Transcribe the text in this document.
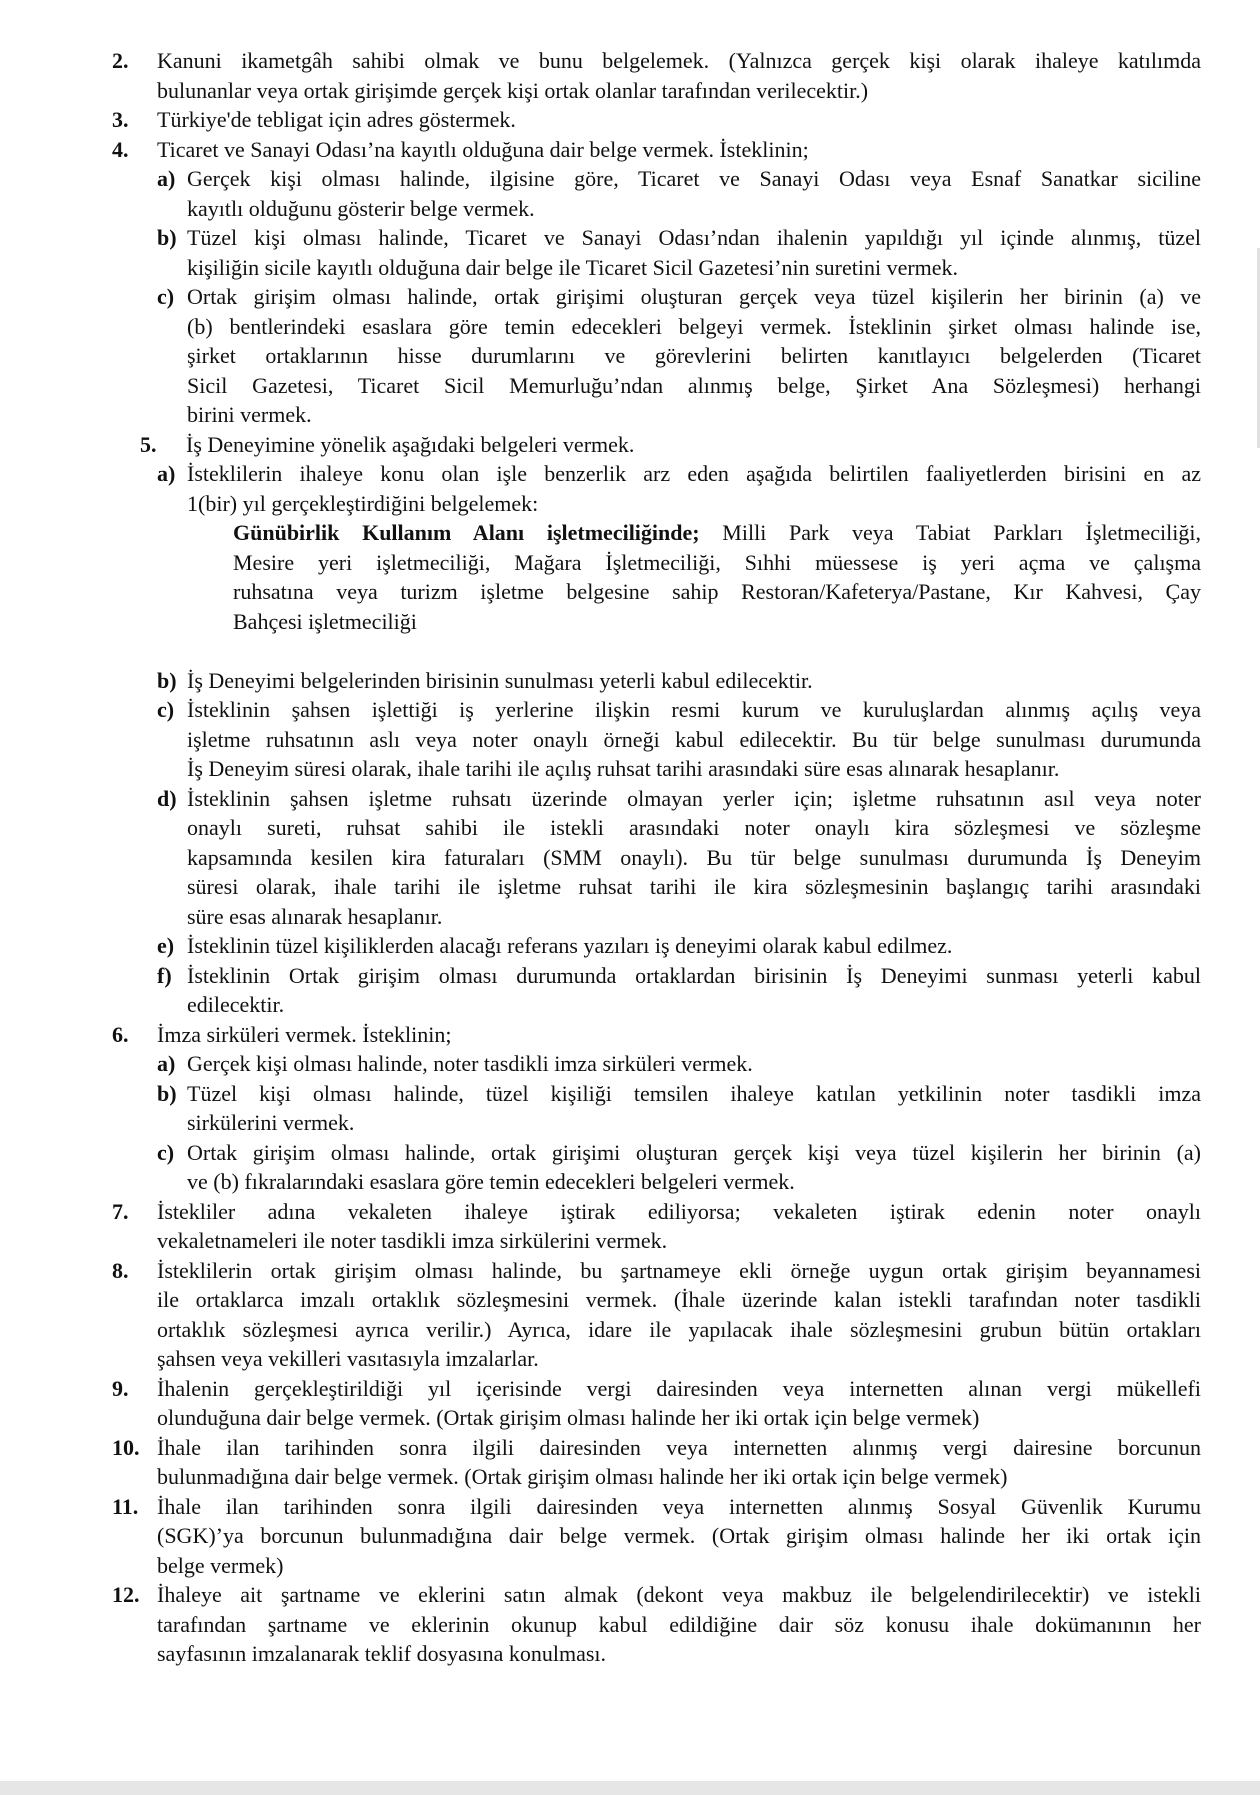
2. Kanuni ikametgâh sahibi olmak ve bunu belgelemek. (Yalnızca gerçek kişi olarak ihaleye katılımda
bulunanlar veya ortak girişimde gerçek kişi ortak olanlar tarafından verilecektir.)
3. Türkiye'de tebligat için adres göstermek.
4. Ticaret ve Sanayi Odası’na kayıtlı olduğuna dair belge vermek. İsteklinin;
a) Gerçek kişi olması halinde, ilgisine göre, Ticaret ve Sanayi Odası veya Esnaf Sanatkar siciline
kayıtlı olduğunu gösterir belge vermek.
b) Tüzel kişi olması halinde, Ticaret ve Sanayi Odası’ndan ihalenin yapıldığı yıl içinde alınmış, tüzel
kişiliğin sicile kayıtlı olduğuna dair belge ile Ticaret Sicil Gazetesi’nin suretini vermek.
c) Ortak girişim olması halinde, ortak girişimi oluşturan gerçek veya tüzel kişilerin her birinin (a) ve
(b) bentlerindeki esaslara göre temin edecekleri belgeyi vermek. İsteklinin şirket olması halinde ise,
şirket ortaklarının hisse durumlarını ve görevlerini belirten kanıtlayıcı belgelerden (Ticaret
Sicil Gazetesi, Ticaret Sicil Memurluğu’ndan alınmış belge, Şirket Ana Sözleşmesi) herhangi
birini vermek.
5. İş Deneyimine yönelik aşağıdaki belgeleri vermek.
a) İsteklilerin ihaleye konu olan işle benzerlik arz eden aşağıda belirtilen faaliyetlerden birisini en az
1(bir) yıl gerçekleştirdiğini belgelemek:
Günübirlik Kullanım Alanı işletmeciliğinde; Milli Park veya Tabiat Parkları İşletmeciliği,
Mesire yeri işletmeciliği, Mağara İşletmeciliği, Sıhhi müessese iş yeri açma ve çalışma
ruhsatına veya turizm işletme belgesine sahip Restoran/Kafeterya/Pastane, Kır Kahvesi, Çay
Bahçesi işletmeciliği
b) İş Deneyimi belgelerinden birisinin sunulması yeterli kabul edilecektir.
c) İsteklinin şahsen işlettiği iş yerlerine ilişkin resmi kurum ve kuruluşlardan alınmış açılış veya
işletme ruhsatının aslı veya noter onaylı örneği kabul edilecektir. Bu tür belge sunulması durumunda
İş Deneyim süresi olarak, ihale tarihi ile açılış ruhsat tarihi arasındaki süre esas alınarak hesaplanır.
d) İsteklinin şahsen işletme ruhsatı üzerinde olmayan yerler için; işletme ruhsatının asıl veya noter
onaylı sureti, ruhsat sahibi ile istekli arasındaki noter onaylı kira sözleşmesi ve sözleşme
kapsamında kesilen kira faturaları (SMM onaylı). Bu tür belge sunulması durumunda İş Deneyim
süresi olarak, ihale tarihi ile işletme ruhsat tarihi ile kira sözleşmesinin başlangıç tarihi arasındaki
süre esas alınarak hesaplanır.
e) İsteklinin tüzel kişiliklerden alacağı referans yazıları iş deneyimi olarak kabul edilmez.
f) İsteklinin Ortak girişim olması durumunda ortaklardan birisinin İş Deneyimi sunması yeterli kabul
edilecektir.
6. İmza sirküleri vermek. İsteklinin;
a) Gerçek kişi olması halinde, noter tasdikli imza sirküleri vermek.
b) Tüzel kişi olması halinde, tüzel kişiliği temsilen ihaleye katılan yetkilinin noter tasdikli imza
sirkülerini vermek.
c) Ortak girişim olması halinde, ortak girişimi oluşturan gerçek kişi veya tüzel kişilerin her birinin (a)
ve (b) fıkralarındaki esaslara göre temin edecekleri belgeleri vermek.
7. İstekliler adına vekaleten ihaleye iştirak ediliyorsa; vekaleten iştirak edenin noter onaylı
vekaletnameleri ile noter tasdikli imza sirkülerini vermek.
8. İsteklilerin ortak girişim olması halinde, bu şartnameye ekli örneğe uygun ortak girişim beyannamesi
ile ortaklarca imzalı ortaklık sözleşmesini vermek. (İhale üzerinde kalan istekli tarafından noter tasdikli
ortaklık sözleşmesi ayrıca verilir.) Ayrıca, idare ile yapılacak ihale sözleşmesini grubun bütün ortakları
şahsen veya vekilleri vasıtasıyla imzalarlar.
9. İhalenin gerçekleştirildiği yıl içerisinde vergi dairesinden veya internetten alınan vergi mükellefi
olunduğuna dair belge vermek. (Ortak girişim olması halinde her iki ortak için belge vermek)
10. İhale ilan tarihinden sonra ilgili dairesinden veya internetten alınmış vergi dairesine borcunun
bulunmadığına dair belge vermek. (Ortak girişim olması halinde her iki ortak için belge vermek)
11. İhale ilan tarihinden sonra ilgili dairesinden veya internetten alınmış Sosyal Güvenlik Kurumu
(SGK)’ya borcunun bulunmadığına dair belge vermek. (Ortak girişim olması halinde her iki ortak için
belge vermek)
12. İhaleye ait şartname ve eklerini satın almak (dekont veya makbuz ile belgelendirilecektir) ve istekli
tarafından şartname ve eklerinin okunup kabul edildiğine dair söz konusu ihale dokümanının her
sayfasının imzalanarak teklif dosyasına konulması.
